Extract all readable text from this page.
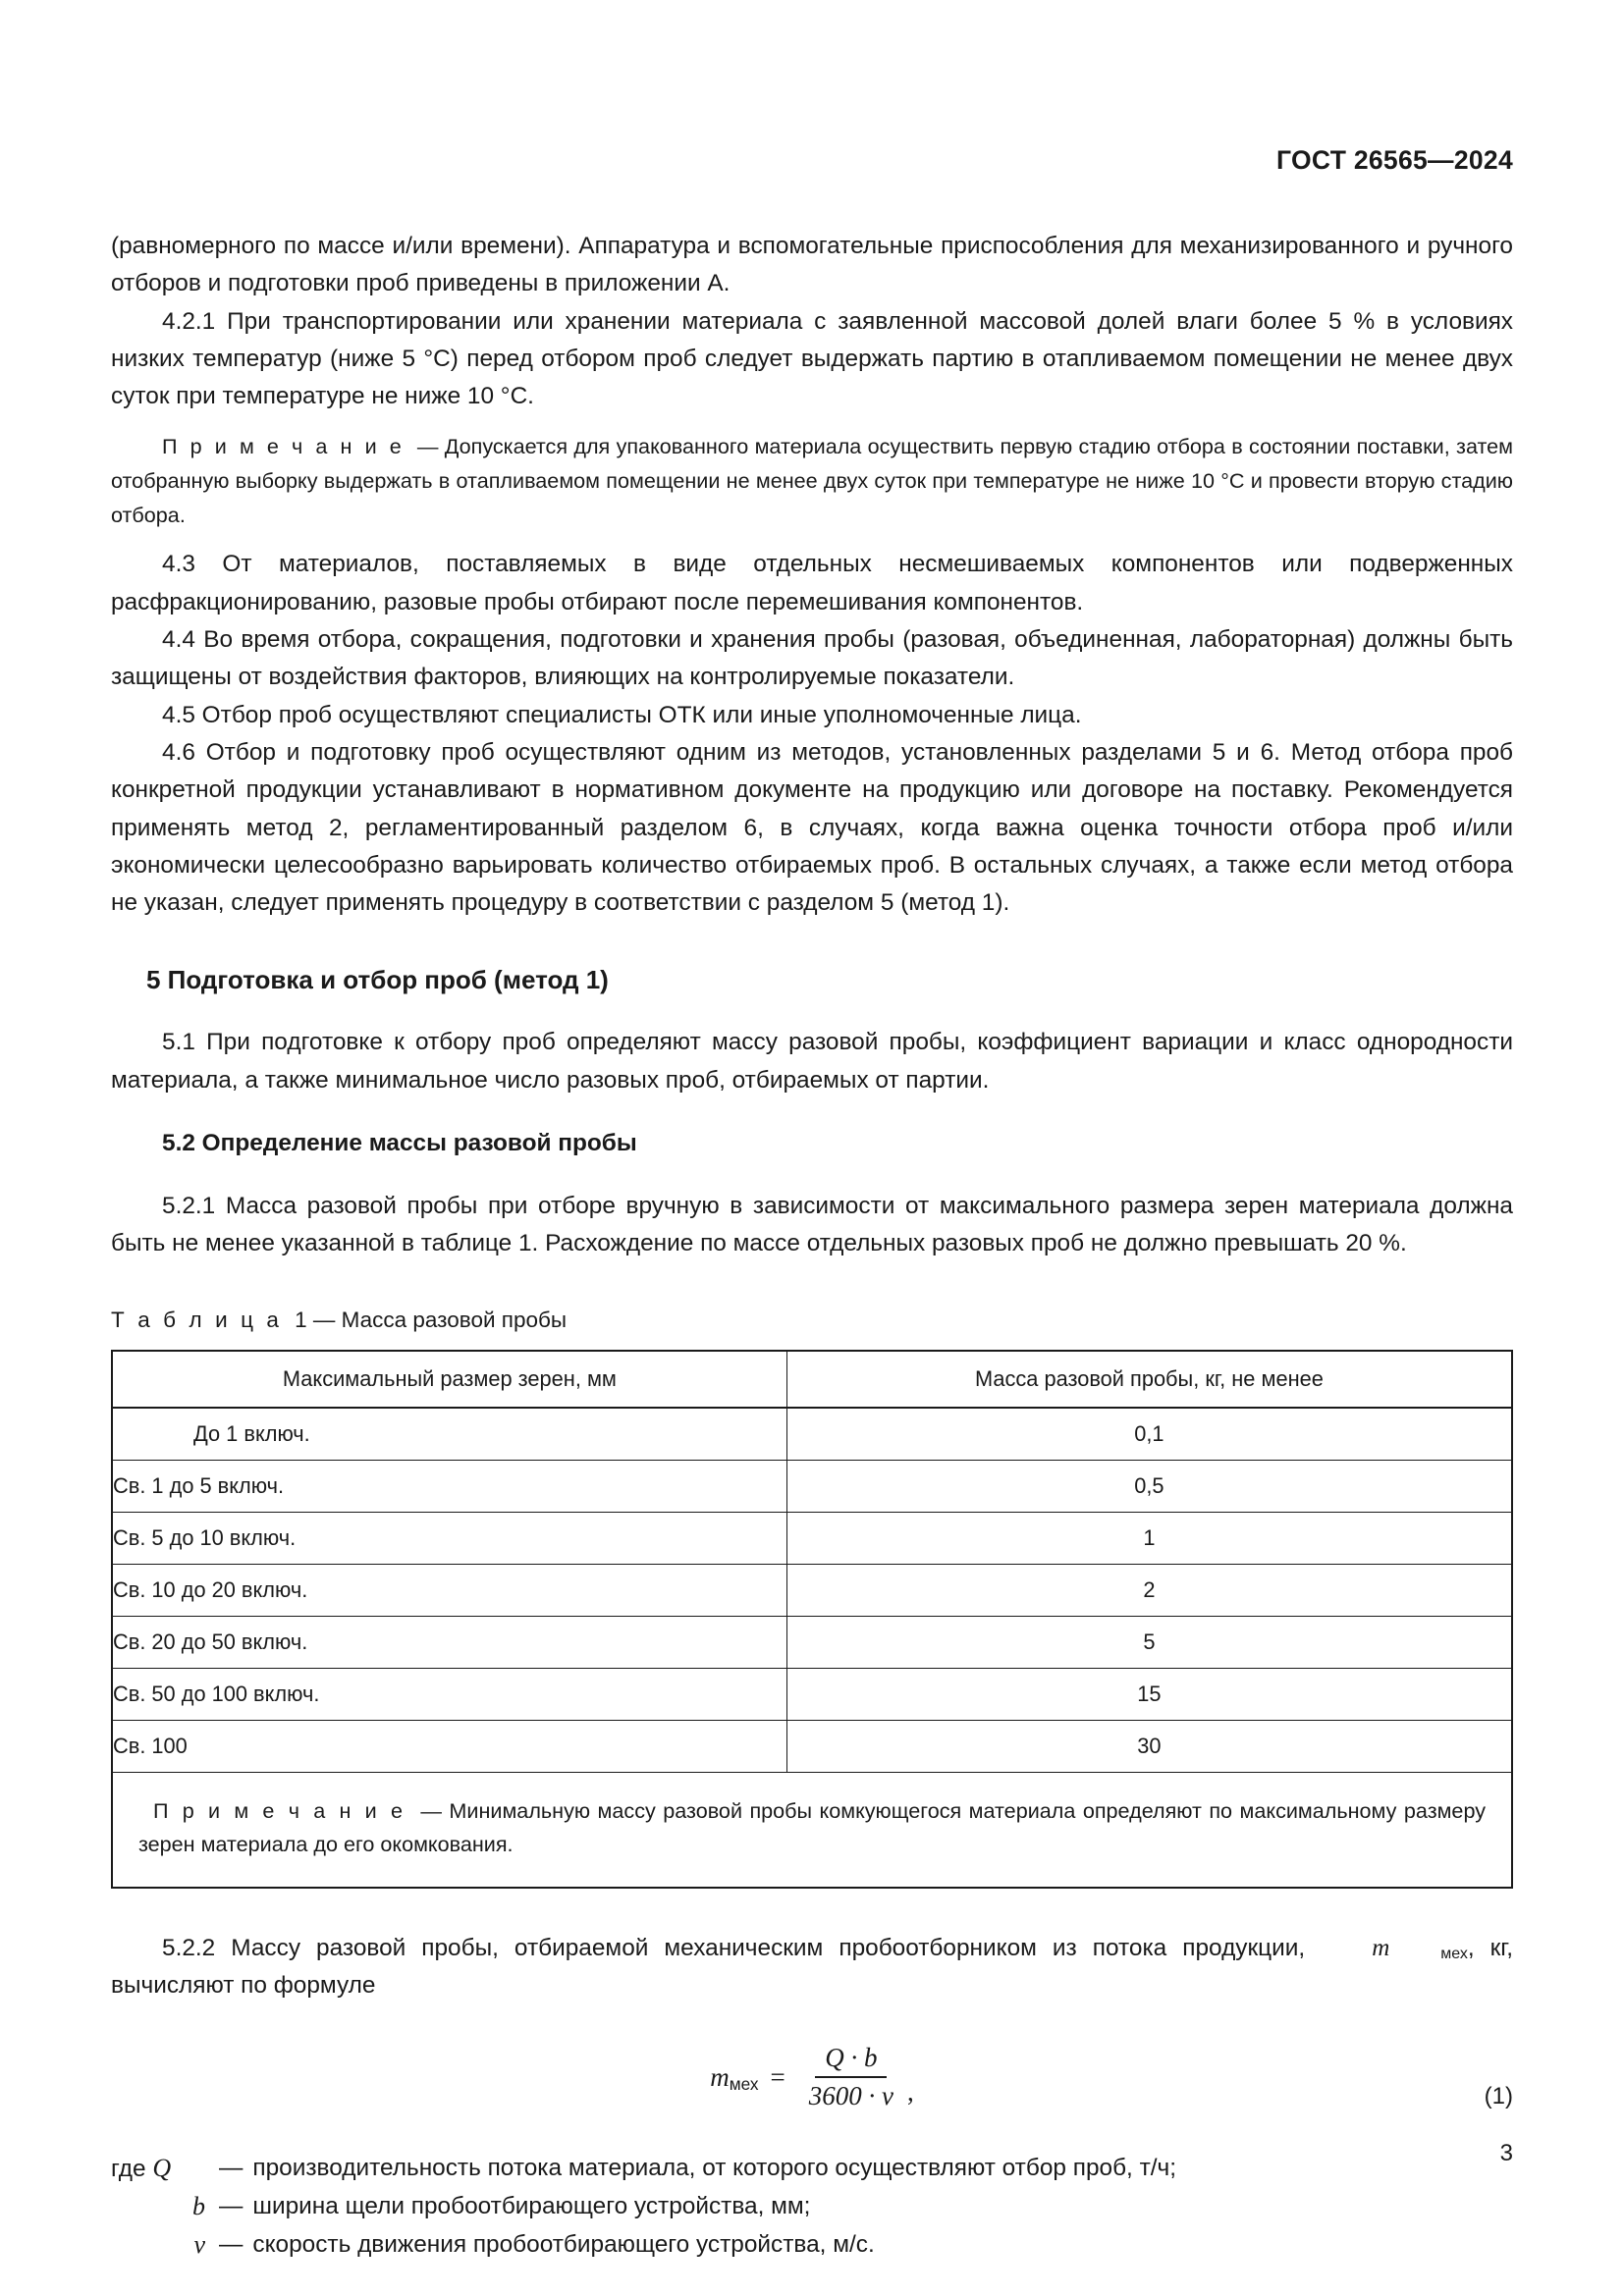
ГОСТ 26565—2024

(равномерного по массе и/или времени). Аппаратура и вспомогательные приспособления для механизированного и ручного отборов и подготовки проб приведены в приложении А.

4.2.1 При транспортировании или хранении материала с заявленной массовой долей влаги более 5 % в условиях низких температур (ниже 5 °C) перед отбором проб следует выдержать партию в отапливаемом помещении не менее двух суток при температуре не ниже 10 °C.

П р и м е ч а н и е — Допускается для упакованного материала осуществить первую стадию отбора в состоянии поставки, затем отобранную выборку выдержать в отапливаемом помещении не менее двух суток при температуре не ниже 10 °C и провести вторую стадию отбора.

4.3 От материалов, поставляемых в виде отдельных несмешиваемых компонентов или подверженных расфракционированию, разовые пробы отбирают после перемешивания компонентов.

4.4 Во время отбора, сокращения, подготовки и хранения пробы (разовая, объединенная, лабораторная) должны быть защищены от воздействия факторов, влияющих на контролируемые показатели.

4.5 Отбор проб осуществляют специалисты ОТК или иные уполномоченные лица.

4.6 Отбор и подготовку проб осуществляют одним из методов, установленных разделами 5 и 6. Метод отбора проб конкретной продукции устанавливают в нормативном документе на продукцию или договоре на поставку. Рекомендуется применять метод 2, регламентированный разделом 6, в случаях, когда важна оценка точности отбора проб и/или экономически целесообразно варьировать количество отбираемых проб. В остальных случаях, а также если метод отбора не указан, следует применять процедуру в соответствии с разделом 5 (метод 1).

5 Подготовка и отбор проб (метод 1)

5.1 При подготовке к отбору проб определяют массу разовой пробы, коэффициент вариации и класс однородности материала, а также минимальное число разовых проб, отбираемых от партии.

5.2 Определение массы разовой пробы

5.2.1 Масса разовой пробы при отборе вручную в зависимости от максимального размера зерен материала должна быть не менее указанной в таблице 1. Расхождение по массе отдельных разовых проб не должно превышать 20 %.

Т а б л и ц а 1 — Масса разовой пробы

Максимальный размер зерен, мм	Масса разовой пробы, кг, не менее
До 1 включ.	0,1
Св. 1 до 5 включ.	0,5
Св. 5 до 10 включ.	1
Св. 10 до 20 включ.	2
Св. 20 до 50 включ.	5
Св. 50 до 100 включ.	15
Св. 100	30
П р и м е ч а н и е — Минимальную массу разовой пробы комкующегося материала определяют по максимальному размеру зерен материала до его окомкования.	

5.2.2 Массу разовой пробы, отбираемой механическим пробоотборником из потока продукции,	m	мех , кг, вычисляют по формуле

m мех = $\frac{Q \cdot b}{3600 \cdot v}$ ,	(1)

где Q	— производительность потока материала, от которого осуществляют отбор проб, т/ч;

b — ширина щели пробоотбирающего устройства, мм;

v — скорость движения пробоотбирающего устройства, м/с.

3
